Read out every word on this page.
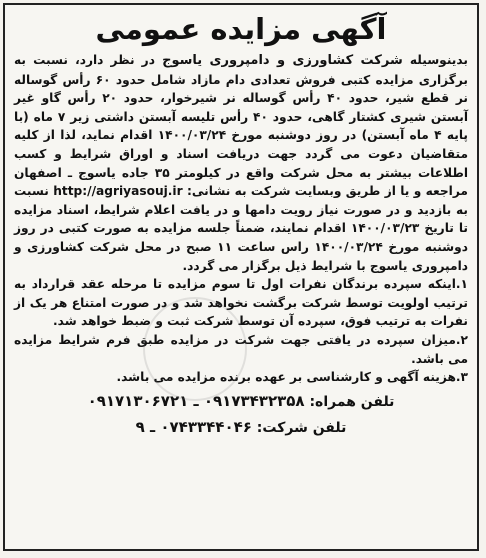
آگهی مزایده عمومی

بدینوسیله شرکت کشاورزی و دامپروری یاسوج در نظر دارد، نسبت به برگزاری مزایده کتبی فروش تعدادی دام مازاد شامل حدود ۶۰ رأس گوساله نر قطع شیر، حدود ۴۰ رأس گوساله نر شیرخوار، حدود ۲۰ رأس گاو غیر آبستن شیری کشتار گاهی، حدود ۴۰ رأس تلیسه آبستن داشتی زیر ۷ ماه (با پایه ۴ ماه آبستن) در روز دوشنبه مورخ ۱۴۰۰/۰۳/۲۴ اقدام نماید، لذا از کلیه متقاضیان دعوت می گردد جهت دریافت اسناد و اوراق شرایط و کسب اطلاعات بیشتر به محل شرکت واقع در کیلومتر ۳۵ جاده یاسوج ـ اصفهان مراجعه و یا از طریق وبسایت شرکت به نشانی: http://agriyasouj.ir نسبت به بازدید و در صورت نیاز رویت دامها و در یافت اعلام شرایط، اسناد مزایده تا تاریخ ۱۴۰۰/۰۳/۲۳ اقدام نمایند، ضمناً جلسه مزایده به صورت کتبی در روز دوشنبه مورخ ۱۴۰۰/۰۳/۲۴ راس ساعت ۱۱ صبح در محل شرکت کشاورزی و دامپروری یاسوج با شرایط ذیل برگزار می گردد.

۱.اینکه سپرده برندگان نفرات اول تا سوم مزایده تا مرحله عقد قرارداد به ترتیب اولویت توسط شرکت برگشت نخواهد شد و در صورت امتناع هر یک از نفرات به ترتیب فوق، سپرده آن توسط شرکت ثبت و ضبط خواهد شد.

۲.میزان سپرده در یافتی جهت شرکت در مزایده طبق فرم شرایط مزایده می باشد.

۳.هزینه آگهی و کارشناسی بر عهده برنده مزایده می باشد.

تلفن همراه: ۰۹۱۷۳۴۳۲۳۵۸ ـ ۰۹۱۷۱۳۰۶۷۲۱

تلفن شرکت: ۰۷۴۳۳۴۴۰۴۶ ـ ۹
